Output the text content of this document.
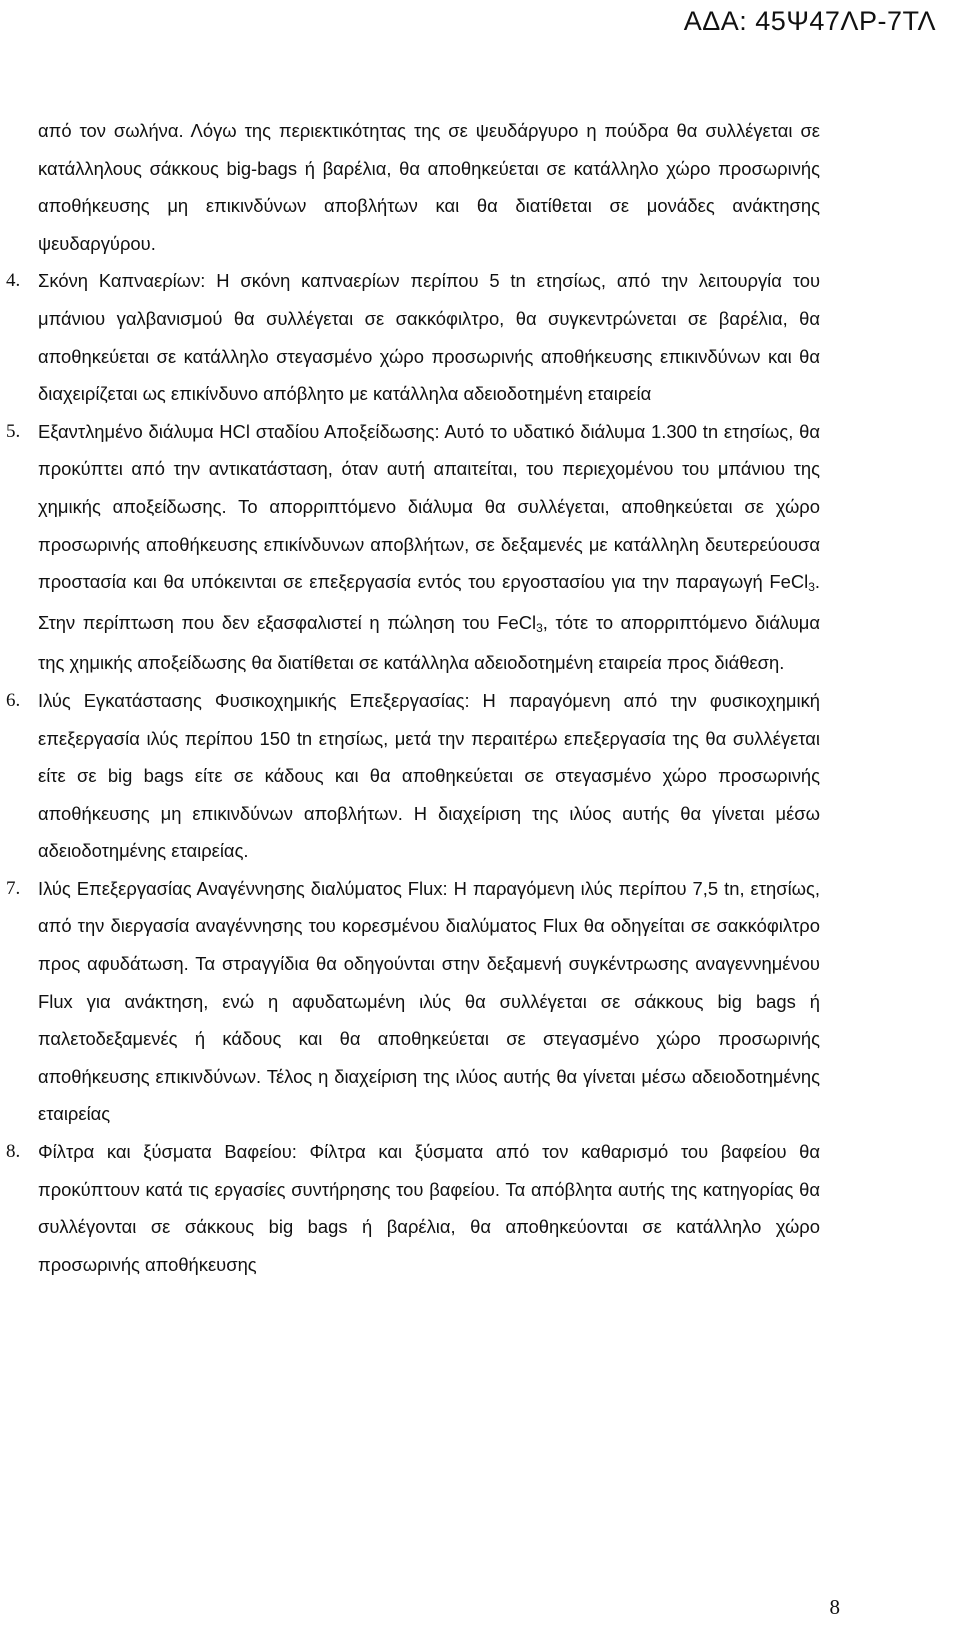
ΑΔΑ: 45Ψ47ΛΡ-7ΤΛ

από τον σωλήνα. Λόγω της περιεκτικότητας της σε ψευδάργυρο η πούδρα θα συλλέγεται σε κατάλληλους σάκκους big-bags ή βαρέλια, θα αποθηκεύεται σε κατάλληλο χώρο προσωρινής αποθήκευσης μη επικινδύνων αποβλήτων και θα διατίθεται σε μονάδες ανάκτησης ψευδαργύρου.

4. Σκόνη Καπναερίων: Η σκόνη καπναερίων περίπου 5 tn ετησίως, από την λειτουργία του μπάνιου γαλβανισμού θα συλλέγεται σε σακκόφιλτρο, θα συγκεντρώνεται σε βαρέλια, θα αποθηκεύεται σε κατάλληλο στεγασμένο χώρο προσωρινής αποθήκευσης επικινδύνων και θα διαχειρίζεται ως επικίνδυνο απόβλητο με κατάλληλα αδειοδοτημένη εταιρεία
5. Εξαντλημένο διάλυμα HCl σταδίου Αποξείδωσης: Αυτό το υδατικό διάλυμα 1.300 tn ετησίως, θα προκύπτει από την αντικατάσταση, όταν αυτή απαιτείται, του περιεχομένου του μπάνιου της χημικής αποξείδωσης. Το απορριπτόμενο διάλυμα θα συλλέγεται, αποθηκεύεται σε χώρο προσωρινής αποθήκευσης επικίνδυνων αποβλήτων, σε δεξαμενές με κατάλληλη δευτερεύουσα προστασία και θα υπόκεινται σε επεξεργασία εντός του εργοστασίου για την παραγωγή FeCl$_3$. Στην περίπτωση που δεν εξασφαλιστεί η πώληση του FeCl$_3$, τότε το απορριπτόμενο διάλυμα της χημικής αποξείδωσης θα διατίθεται σε κατάλληλα αδειοδοτημένη εταιρεία προς διάθεση.
6. Ιλύς Εγκατάστασης Φυσικοχημικής Επεξεργασίας: Η παραγόμενη από την φυσικοχημική επεξεργασία ιλύς περίπου 150 tn ετησίως, μετά την περαιτέρω επεξεργασία της θα συλλέγεται είτε σε big bags είτε σε κάδους και θα αποθηκεύεται σε στεγασμένο χώρο προσωρινής αποθήκευσης μη επικινδύνων αποβλήτων. Η διαχείριση της ιλύος αυτής θα γίνεται μέσω αδειοδοτημένης εταιρείας.
7. Ιλύς Επεξεργασίας Αναγέννησης διαλύματος Flux: Η παραγόμενη ιλύς περίπου 7,5 tn, ετησίως, από την διεργασία αναγέννησης του κορεσμένου διαλύματος Flux θα οδηγείται σε σακκόφιλτρο προς αφυδάτωση. Τα στραγγίδια θα οδηγούνται στην δεξαμενή συγκέντρωσης αναγεννημένου Flux για ανάκτηση, ενώ η αφυδατωμένη ιλύς θα συλλέγεται σε σάκκους big bags ή παλετοδεξαμενές ή κάδους και θα αποθηκεύεται σε στεγασμένο χώρο προσωρινής αποθήκευσης επικινδύνων. Τέλος η διαχείριση της ιλύος αυτής θα γίνεται μέσω αδειοδοτημένης εταιρείας
8. Φίλτρα και ξύσματα Βαφείου: Φίλτρα και ξύσματα από τον καθαρισμό του βαφείου θα προκύπτουν κατά τις εργασίες συντήρησης του βαφείου. Τα απόβλητα αυτής της κατηγορίας θα συλλέγονται σε σάκκους big bags ή βαρέλια, θα αποθηκεύονται σε κατάλληλο χώρο προσωρινής αποθήκευσης
8
